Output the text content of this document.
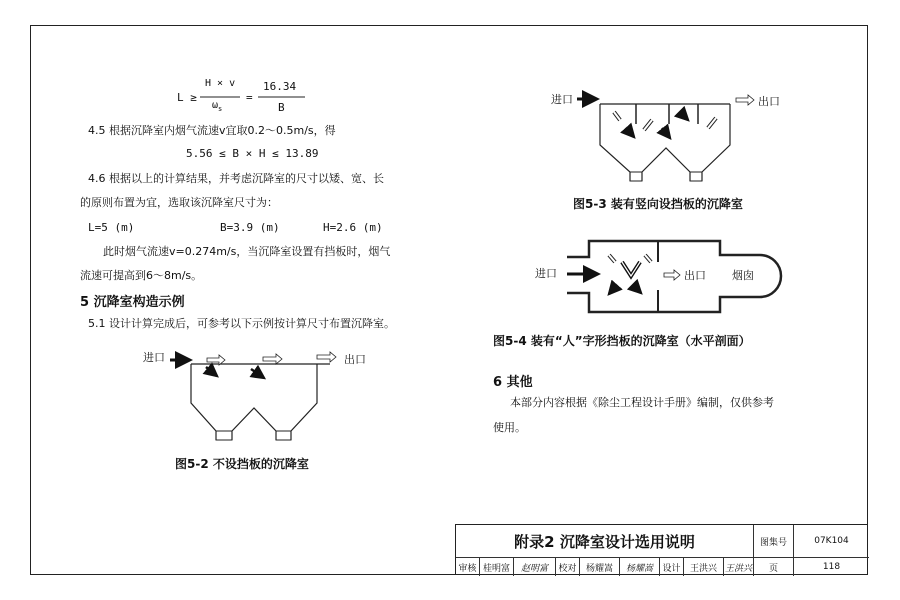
L ≥
H × v
$\omega_s$
=
16.34
B
4.5 根据沉降室内烟气流速v宜取0.2～0.5m/s，得
5.56 ≤ B × H ≤ 13.89
4.6 根据以上的计算结果，并考虑沉降室的尺寸以矮、宽、长
的原则布置为宜，选取该沉降室尺寸为：
L=5 (m)	B=3.9 (m)	H=2.6 (m)
此时烟气流速v=0.274m/s，当沉降室设置有挡板时，烟气
流速可提高到6～8m/s。
5 沉降室构造示例
5.1 设计计算完成后，可参考以下示例按计算尺寸布置沉降室。
进口	出口
图5-2 不设挡板的沉降室
进口	出口
图5-3 装有竖向设挡板的沉降室
进口	出口 烟囱
图5-4 装有“人”字形挡板的沉降室（水平剖面）
6 其他
本部分内容根据《除尘工程设计手册》编制，仅供参考
使用。
附录2 沉降室设计选用说明	图集号	07K104
审核 桂明富	赵明富	校对	杨耀嵩	杨耀嵩	设计	王洪兴 王洪兴	页	118
